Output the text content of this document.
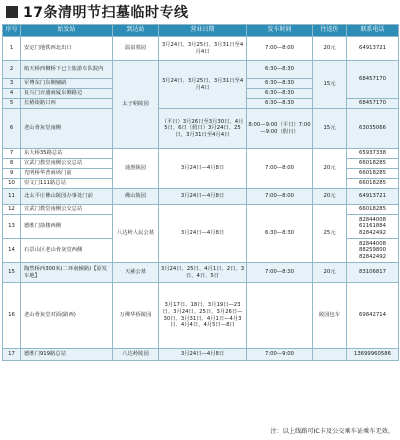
17条清明节扫墓临时专线
序号	始发站	到达站	营业日期	发车时间	往返价	联系电话
1	安定门地铁西北出口	温泉墓园	3月24日、3月25日、3月31日至4月4日	7:00—8:00	20元	64913721
2	航天桥西侧桥下已士旅游车队院内	太子峪陵园	3月24日、3月25日、3月31日至4月4日	6:30—8:30	15元	68457170
3	军博东门东侧辅路			6:30—8:30		
4	复兴门百盛商厦东侧路边			6:30—8:30		
5	长椿街路口西			6:30—8:30		68457170
6	老山骨灰堂南侧		（平日）3月26日至3月30日、4月5日、6日（假日）3月24日、25日，3月31日至4月4日	8:00—9:00（平日）7:00—9:00（假日）	15元	63035066
7	东大桥35路总站	通惠陵园	3月24日—4月8日	7:00—8:00	20元	65937338
8	宣武门教堂南侧公交总站					66018285
9	光明桥华普商场门前					66018285
10	崇文门111路总站					66018285
11	北太平庄佛山陵园办事处门前	佛山陵园	3月24日—4月8日	7:00—8:00	20元	64913721
12	宣武门教堂南侧公交总站	八达岭人民公墓	3月24日—4月8日	6:30—8:30	25元	66018285
13	德胜门箭楼西侧					82844008 61161884 82842492
14	石景山区老山骨灰堂西侧					82844008 88259800 82842492
15	陶然桥西300米(二环南辅路)【原发车地】	天慈公墓	3月24日、25日、4月1日、2日、3日、4日、5日	7:00—8:30	20元	83106817
16	老山骨灰堂对面(路西)	万佛华侨陵园	3月17日、18日、3月19日—23日、3月24日、25日、3月26日—30日、3月31日、4月1日—4月3日、4月4日、4月5日—8日		陵园包车	69842714
17	德胜门919路总站	八达岭陵园	3月24日—4月8日	7:00—9:00		13699960586
注：以上线路可IC卡及公交乘车证乘车无效。
